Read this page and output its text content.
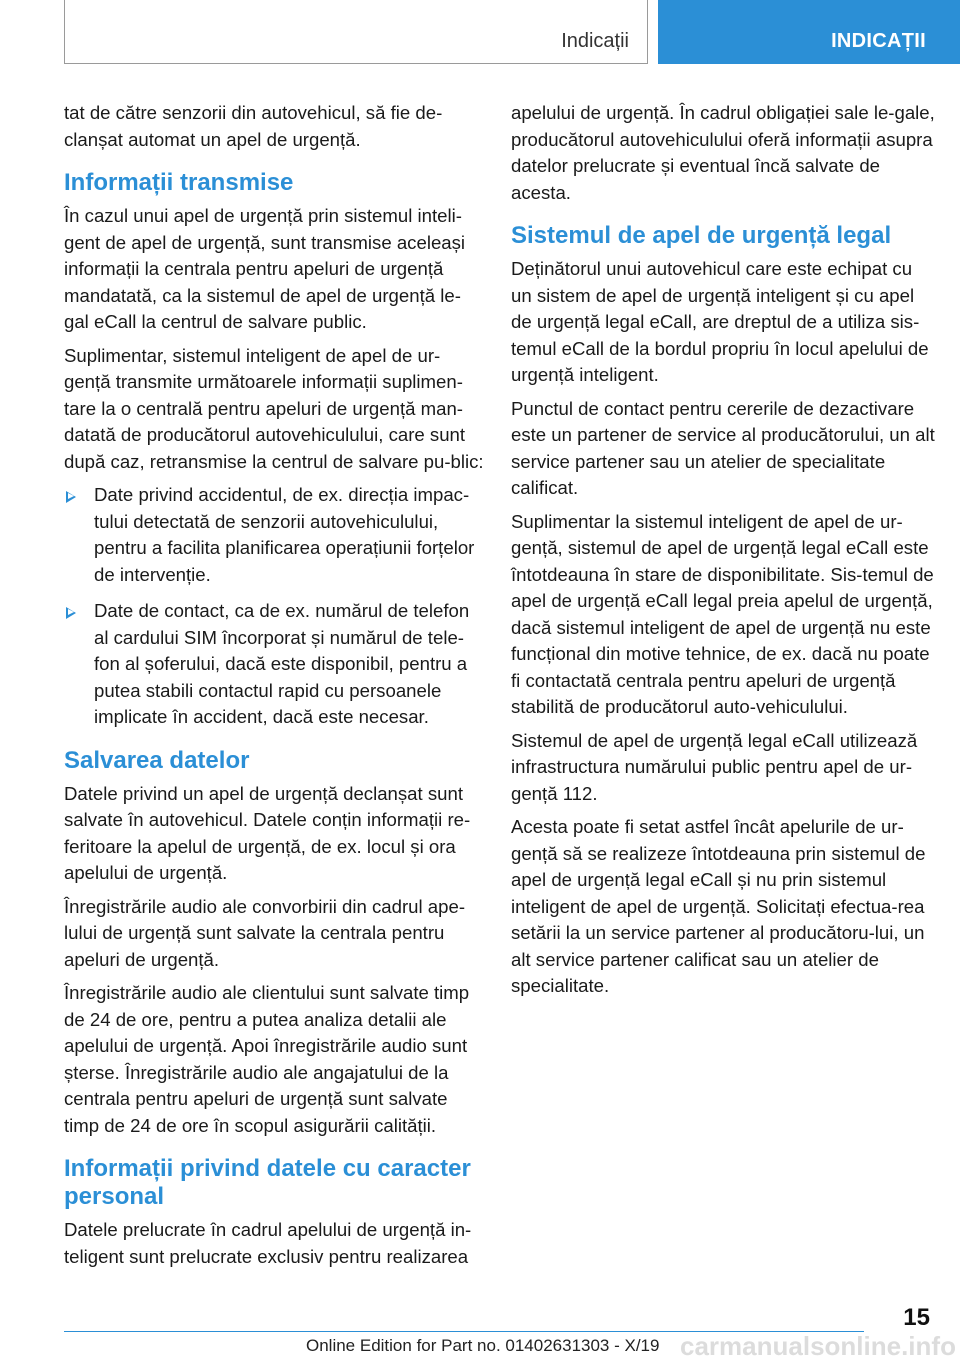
Indicații	INDICAȚII

tat de către senzorii din autovehicul, să fie de-clanșat automat un apel de urgență.

Informații transmise

În cazul unui apel de urgență prin sistemul inteli-gent de apel de urgență, sunt transmise aceleași informații la centrala pentru apeluri de urgență mandatată, ca la sistemul de apel de urgență le-gal eCall la centrul de salvare public.

Suplimentar, sistemul inteligent de apel de ur-gență transmite următoarele informații suplimen-tare la o centrală pentru apeluri de urgență man-datată de producătorul autovehiculului, care sunt după caz, retransmise la centrul de salvare pu-blic:

Date privind accidentul, de ex. direcția impac-tului detectată de senzorii autovehiculului, pentru a facilita planificarea operațiunii forțelor de intervenție.
Date de contact, ca de ex. numărul de telefon al cardului SIM încorporat și numărul de tele-fon al șoferului, dacă este disponibil, pentru a putea stabili contactul rapid cu persoanele implicate în accident, dacă este necesar.
Salvarea datelor

Datele privind un apel de urgență declanșat sunt salvate în autovehicul. Datele conțin informații re-feritoare la apelul de urgență, de ex. locul și ora apelului de urgență.

Înregistrările audio ale convorbirii din cadrul ape-lului de urgență sunt salvate la centrala pentru apeluri de urgență.

Înregistrările audio ale clientului sunt salvate timp de 24 de ore, pentru a putea analiza detalii ale apelului de urgență. Apoi înregistrările audio sunt șterse. Înregistrările audio ale angajatului de la centrala pentru apeluri de urgență sunt salvate timp de 24 de ore în scopul asigurării calității.

Informații privind datele cu caracter personal

Datele prelucrate în cadrul apelului de urgență in-teligent sunt prelucrate exclusiv pentru realizarea

apelului de urgență. În cadrul obligației sale le-gale, producătorul autovehiculului oferă informații asupra datelor prelucrate și eventual încă salvate de acesta.

Sistemul de apel de urgență legal

Deținătorul unui autovehicul care este echipat cu un sistem de apel de urgență inteligent și cu apel de urgență legal eCall, are dreptul de a utiliza sis-temul eCall de la bordul propriu în locul apelului de urgență inteligent.

Punctul de contact pentru cererile de dezactivare este un partener de service al producătorului, un alt service partener sau un atelier de specialitate calificat.

Suplimentar la sistemul inteligent de apel de ur-gență, sistemul de apel de urgență legal eCall este întotdeauna în stare de disponibilitate. Sis-temul de apel de urgență eCall legal preia apelul de urgență, dacă sistemul inteligent de apel de urgență nu este funcțional din motive tehnice, de ex. dacă nu poate fi contactată centrala pentru apeluri de urgență stabilită de producătorul auto-vehiculului.

Sistemul de apel de urgență legal eCall utilizează infrastructura numărului public pentru apel de ur-gență 112.

Acesta poate fi setat astfel încât apelurile de ur-gență să se realizeze întotdeauna prin sistemul de apel de urgență legal eCall și nu prin sistemul inteligent de apel de urgență. Solicitați efectua-rea setării la un service partener al producătoru-lui, un alt service partener calificat sau un atelier de specialitate.

15
carmanualsonline.info
Online Edition for Part no. 01402631303 - X/19
